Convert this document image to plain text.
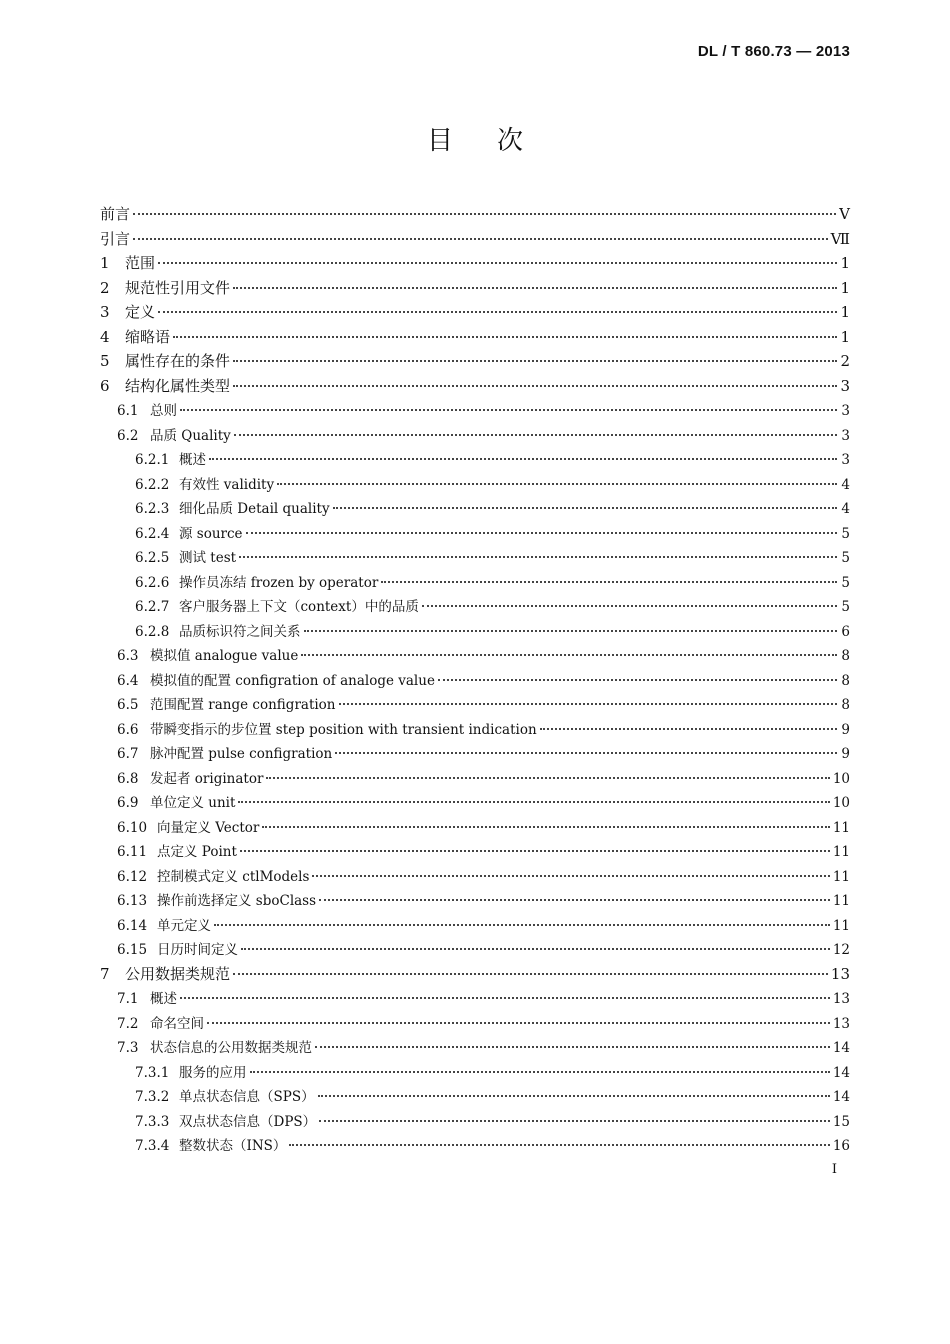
DL / T 860.73 — 2013
目次
前言	Ⅴ
引言	Ⅶ
1	范围	1
2	规范性引用文件	1
3	定义	1
4	缩略语	1
5	属性存在的条件	2
6	结构化属性类型	3
6.1 总则	3
6.2 品质 Quality	3
6.2.1 概述	3
6.2.2 有效性 validity	4
6.2.3 细化品质 Detail quality	4
6.2.4 源 source	5
6.2.5 测试 test	5
6.2.6 操作员冻结 frozen by operator	5
6.2.7 客户服务器上下文（context）中的品质	5
6.2.8 品质标识符之间关系	6
6.3 模拟值 analogue value	8
6.4 模拟值的配置 configration of analoge value	8
6.5 范围配置 range configration	8
6.6 带瞬变指示的步位置 step position with transient indication	9
6.7 脉冲配置 pulse configration	9
6.8 发起者 originator	10
6.9 单位定义 unit	10
6.10 向量定义 Vector	11
6.11 点定义 Point	11
6.12 控制模式定义 ctlModels	11
6.13 操作前选择定义 sboClass	11
6.14 单元定义	11
6.15 日历时间定义	12
7	公用数据类规范	13
7.1 概述	13
7.2 命名空间	13
7.3 状态信息的公用数据类规范	14
7.3.1 服务的应用	14
7.3.2 单点状态信息（SPS）	14
7.3.3 双点状态信息（DPS）	15
7.3.4 整数状态（INS）	16
I
